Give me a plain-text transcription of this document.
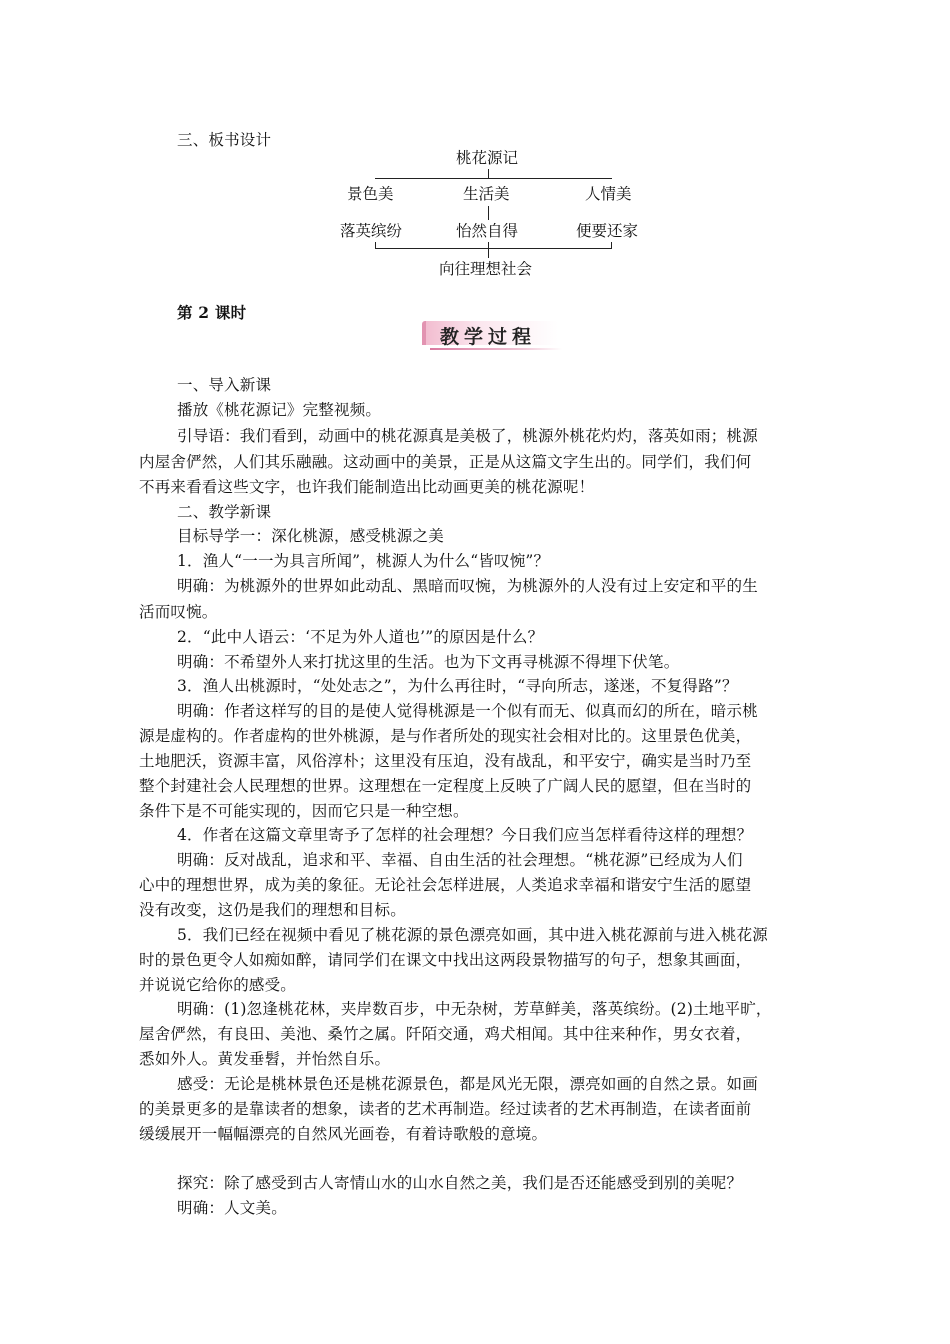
三、板书设计
桃花源记
景色美	生活美	人情美
落英缤纷	怡然自得	便要还家
向往理想社会
第 2 课时
教学过程
一、导入新课
播放《桃花源记》完整视频。
引导语：我们看到，动画中的桃花源真是美极了，桃源外桃花灼灼，落英如雨；桃源
内屋舍俨然，人们其乐融融。这动画中的美景，正是从这篇文字生出的。同学们，我们何
不再来看看这些文字，也许我们能制造出比动画更美的桃花源呢！
二、教学新课
目标导学一：深化桃源，感受桃源之美
1．渔人“一一为具言所闻”，桃源人为什么“皆叹惋”？
明确：为桃源外的世界如此动乱、黑暗而叹惋，为桃源外的人没有过上安定和平的生
活而叹惋。
2．“此中人语云：‘不足为外人道也’”的原因是什么？
明确：不希望外人来打扰这里的生活。也为下文再寻桃源不得埋下伏笔。
3．渔人出桃源时，“处处志之”，为什么再往时，“寻向所志，遂迷，不复得路”？
明确：作者这样写的目的是使人觉得桃源是一个似有而无、似真而幻的所在，暗示桃
源是虚构的。作者虚构的世外桃源，是与作者所处的现实社会相对比的。这里景色优美，
土地肥沃，资源丰富，风俗淳朴；这里没有压迫，没有战乱，和平安宁，确实是当时乃至
整个封建社会人民理想的世界。这理想在一定程度上反映了广阔人民的愿望，但在当时的
条件下是不可能实现的，因而它只是一种空想。
4．作者在这篇文章里寄予了怎样的社会理想？今日我们应当怎样看待这样的理想？
明确：反对战乱，追求和平、幸福、自由生活的社会理想。“桃花源”已经成为人们
心中的理想世界，成为美的象征。无论社会怎样进展，人类追求幸福和谐安宁生活的愿望
没有改变，这仍是我们的理想和目标。
5．我们已经在视频中看见了桃花源的景色漂亮如画，其中进入桃花源前与进入桃花源
时的景色更令人如痴如醉，请同学们在课文中找出这两段景物描写的句子，想象其画面，
并说说它给你的感受。
明确：(1)忽逢桃花林，夹岸数百步，中无杂树，芳草鲜美，落英缤纷。(2)土地平旷，
屋舍俨然，有良田、美池、桑竹之属。阡陌交通，鸡犬相闻。其中往来种作，男女衣着，
悉如外人。黄发垂髫，并怡然自乐。
感受：无论是桃林景色还是桃花源景色，都是风光无限，漂亮如画的自然之景。如画
的美景更多的是靠读者的想象，读者的艺术再制造。经过读者的艺术再制造，在读者面前
缓缓展开一幅幅漂亮的自然风光画卷，有着诗歌般的意境。
探究：除了感受到古人寄情山水的山水自然之美，我们是否还能感受到别的美呢？
明确：人文美。
